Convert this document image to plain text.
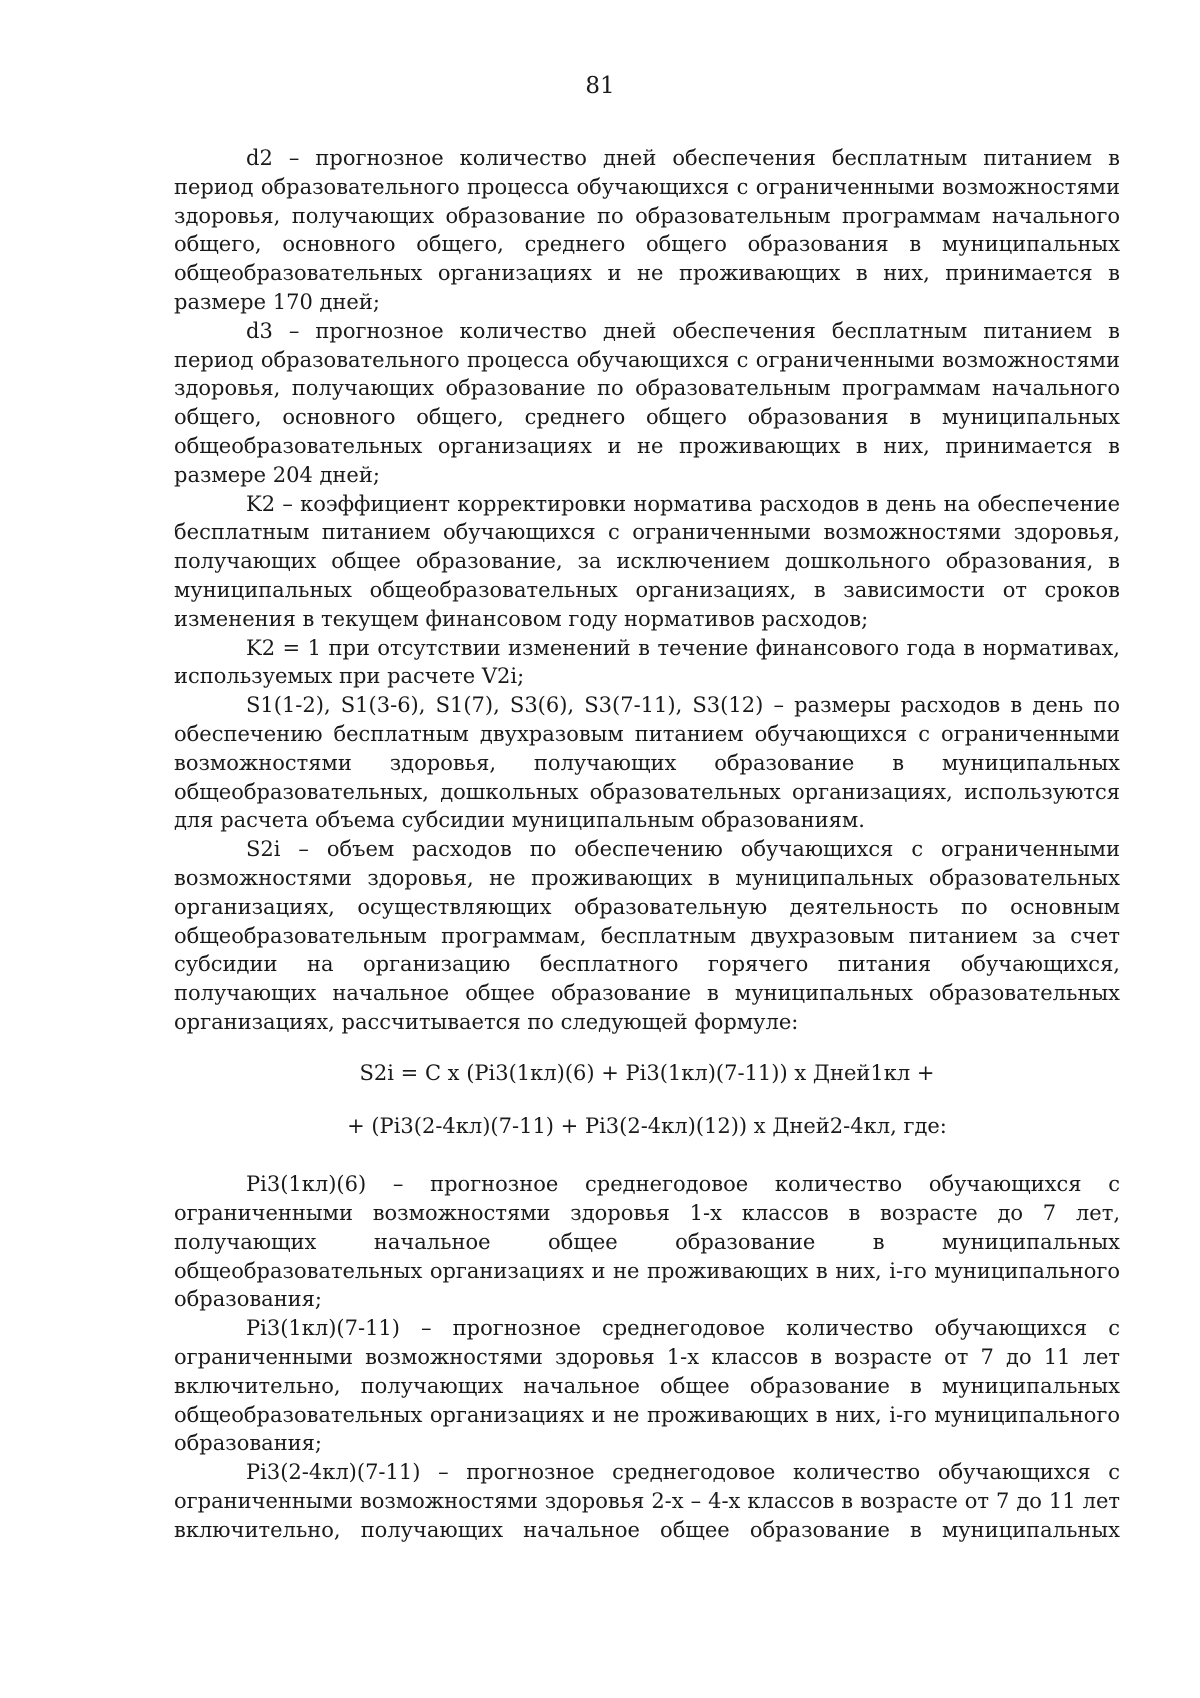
81

d2 – прогнозное количество дней обеспечения бесплатным питанием в период образовательного процесса обучающихся с ограниченными возможностями здоровья, получающих образование по образовательным программам начального общего, основного общего, среднего общего образования в муниципальных общеобразовательных организациях и не проживающих в них, принимается в размере 170 дней;

d3 – прогнозное количество дней обеспечения бесплатным питанием в период образовательного процесса обучающихся с ограниченными возможностями здоровья, получающих образование по образовательным программам начального общего, основного общего, среднего общего образования в муниципальных общеобразовательных организациях и не проживающих в них, принимается в размере 204 дней;

K2 – коэффициент корректировки норматива расходов в день на обеспечение бесплатным питанием обучающихся с ограниченными возможностями здоровья, получающих общее образование, за исключением дошкольного образования, в муниципальных общеобразовательных организациях, в зависимости от сроков изменения в текущем финансовом году нормативов расходов;

K2 = 1 при отсутствии изменений в течение финансового года в нормативах, используемых при расчете V2i;

S1(1-2), S1(3-6), S1(7), S3(6), S3(7-11), S3(12) – размеры расходов в день по обеспечению бесплатным двухразовым питанием обучающихся с ограниченными возможностями здоровья, получающих образование в муниципальных общеобразовательных, дошкольных образовательных организациях, используются для расчета объема субсидии муниципальным образованиям.

S2i – объем расходов по обеспечению обучающихся с ограниченными возможностями здоровья, не проживающих в муниципальных образовательных организациях, осуществляющих образовательную деятельность по основным общеобразовательным программам, бесплатным двухразовым питанием за счет субсидии на организацию бесплатного горячего питания обучающихся, получающих начальное общее образование в муниципальных образовательных организациях, рассчитывается по следующей формуле:

S2i = C x (Pi3(1кл)(6) + Pi3(1кл)(7-11)) x Дней1кл +

+ (Pi3(2-4кл)(7-11) + Pi3(2-4кл)(12)) x Дней2-4кл, где:

Pi3(1кл)(6) – прогнозное среднегодовое количество обучающихся с ограниченными возможностями здоровья 1-х классов в возрасте до 7 лет, получающих начальное общее образование в муниципальных общеобразовательных организациях и не проживающих в них, i-го муниципального образования;

Pi3(1кл)(7-11) – прогнозное среднегодовое количество обучающихся с ограниченными возможностями здоровья 1-х классов в возрасте от 7 до 11 лет включительно, получающих начальное общее образование в муниципальных общеобразовательных организациях и не проживающих в них, i-го муниципального образования;

Pi3(2-4кл)(7-11) – прогнозное среднегодовое количество обучающихся с ограниченными возможностями здоровья 2-х – 4-х классов в возрасте от 7 до 11 лет включительно, получающих начальное общее образование в муниципальных
